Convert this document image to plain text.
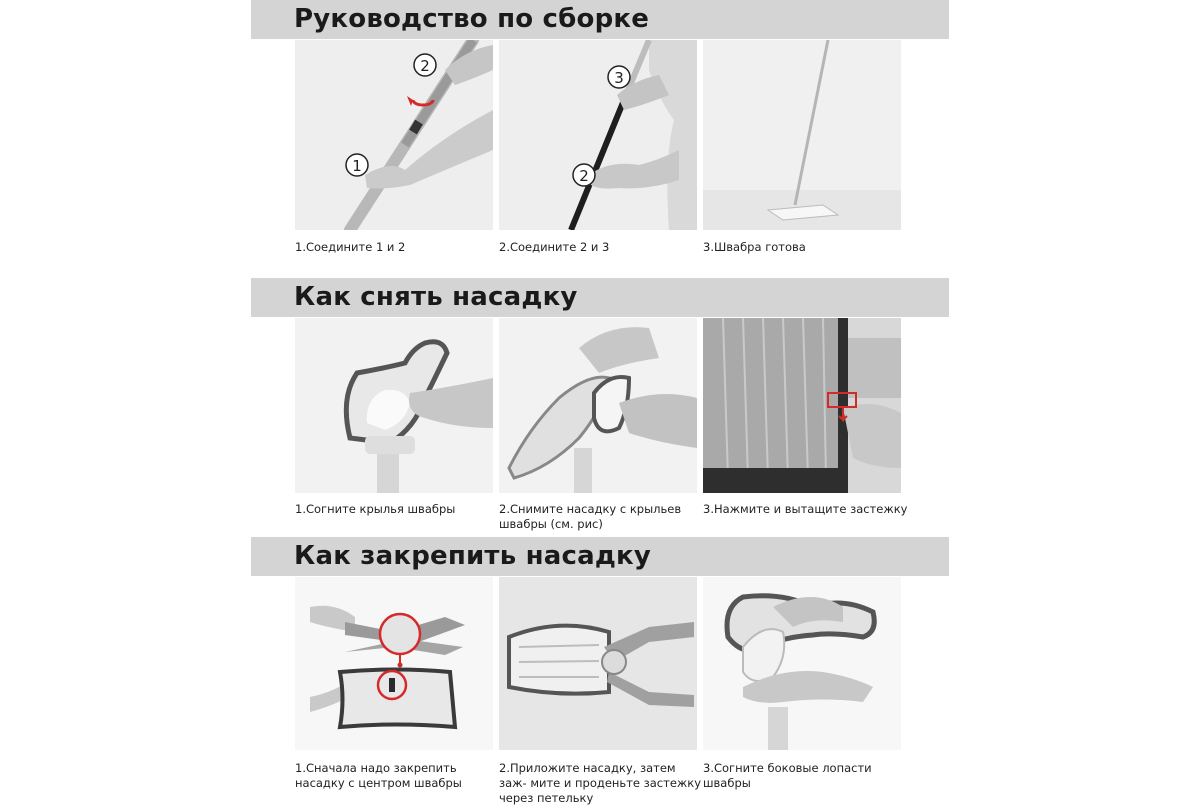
Руководство по сборке
2
1
1.Соедините 1 и 2
3
2
2.Соедините 2 и 3	3.Швабра готова
Как снять насадку
1.Согните крылья швабры	2.Снимите насадку с крыльев швабры (см. рис)
3.Нажмите и вытащите застежку
Как закрепить насадку
1.Сначала надо закрепить насадку с центром швабры
2.Приложите насадку, затем заж- мите и проденьте застежку через петельку
3.Согните боковые лопасти швабры
